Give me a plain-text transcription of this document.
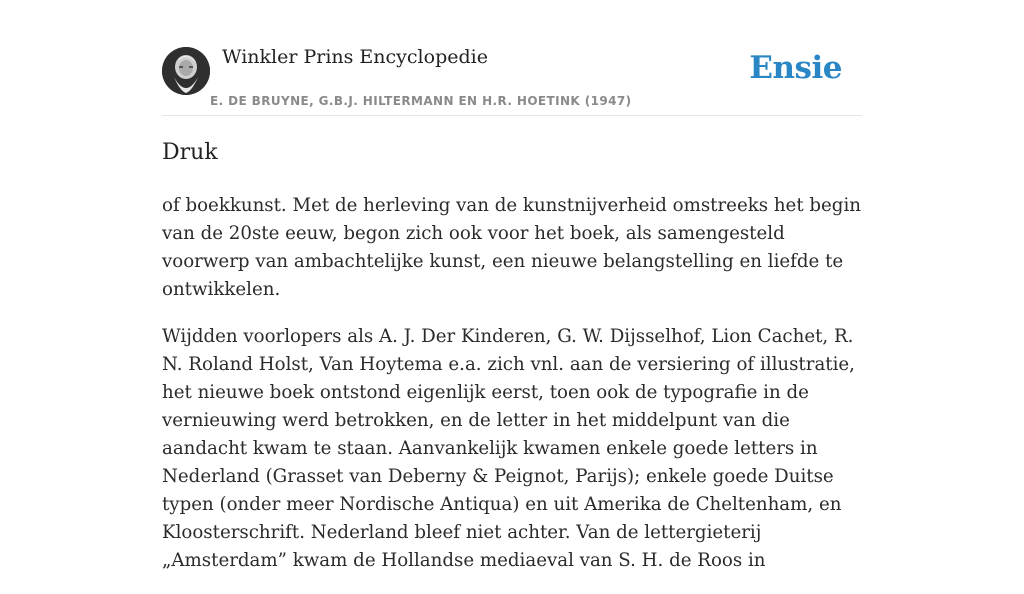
Winkler Prins Encyclopedie
E. DE BRUYNE, G.B.J. HILTERMANN EN H.R. HOETINK (1947)
Ensie
Druk

of boekkunst. Met de herleving van de kunstnijverheid omstreeks het begin van de 20ste eeuw, begon zich ook voor het boek, als samengesteld voorwerp van ambachtelijke kunst, een nieuwe belangstelling en liefde te ontwikkelen.

Wijdden voorlopers als A. J. Der Kinderen, G. W. Dijsselhof, Lion Cachet, R. N. Roland Holst, Van Hoytema e.a. zich vnl. aan de versiering of illustratie, het nieuwe boek ontstond eigenlijk eerst, toen ook de typografie in de vernieuwing werd betrokken, en de letter in het middelpunt van die aandacht kwam te staan. Aanvankelijk kwamen enkele goede letters in Nederland (Grasset van Deberny & Peignot, Parijs); enkele goede Duitse typen (onder meer Nordische Antiqua) en uit Amerika de Cheltenham, en Kloosterschrift. Nederland bleef niet achter. Van de lettergieterij „Amsterdam” kwam de Hollandse mediaeval van S. H. de Roos in
